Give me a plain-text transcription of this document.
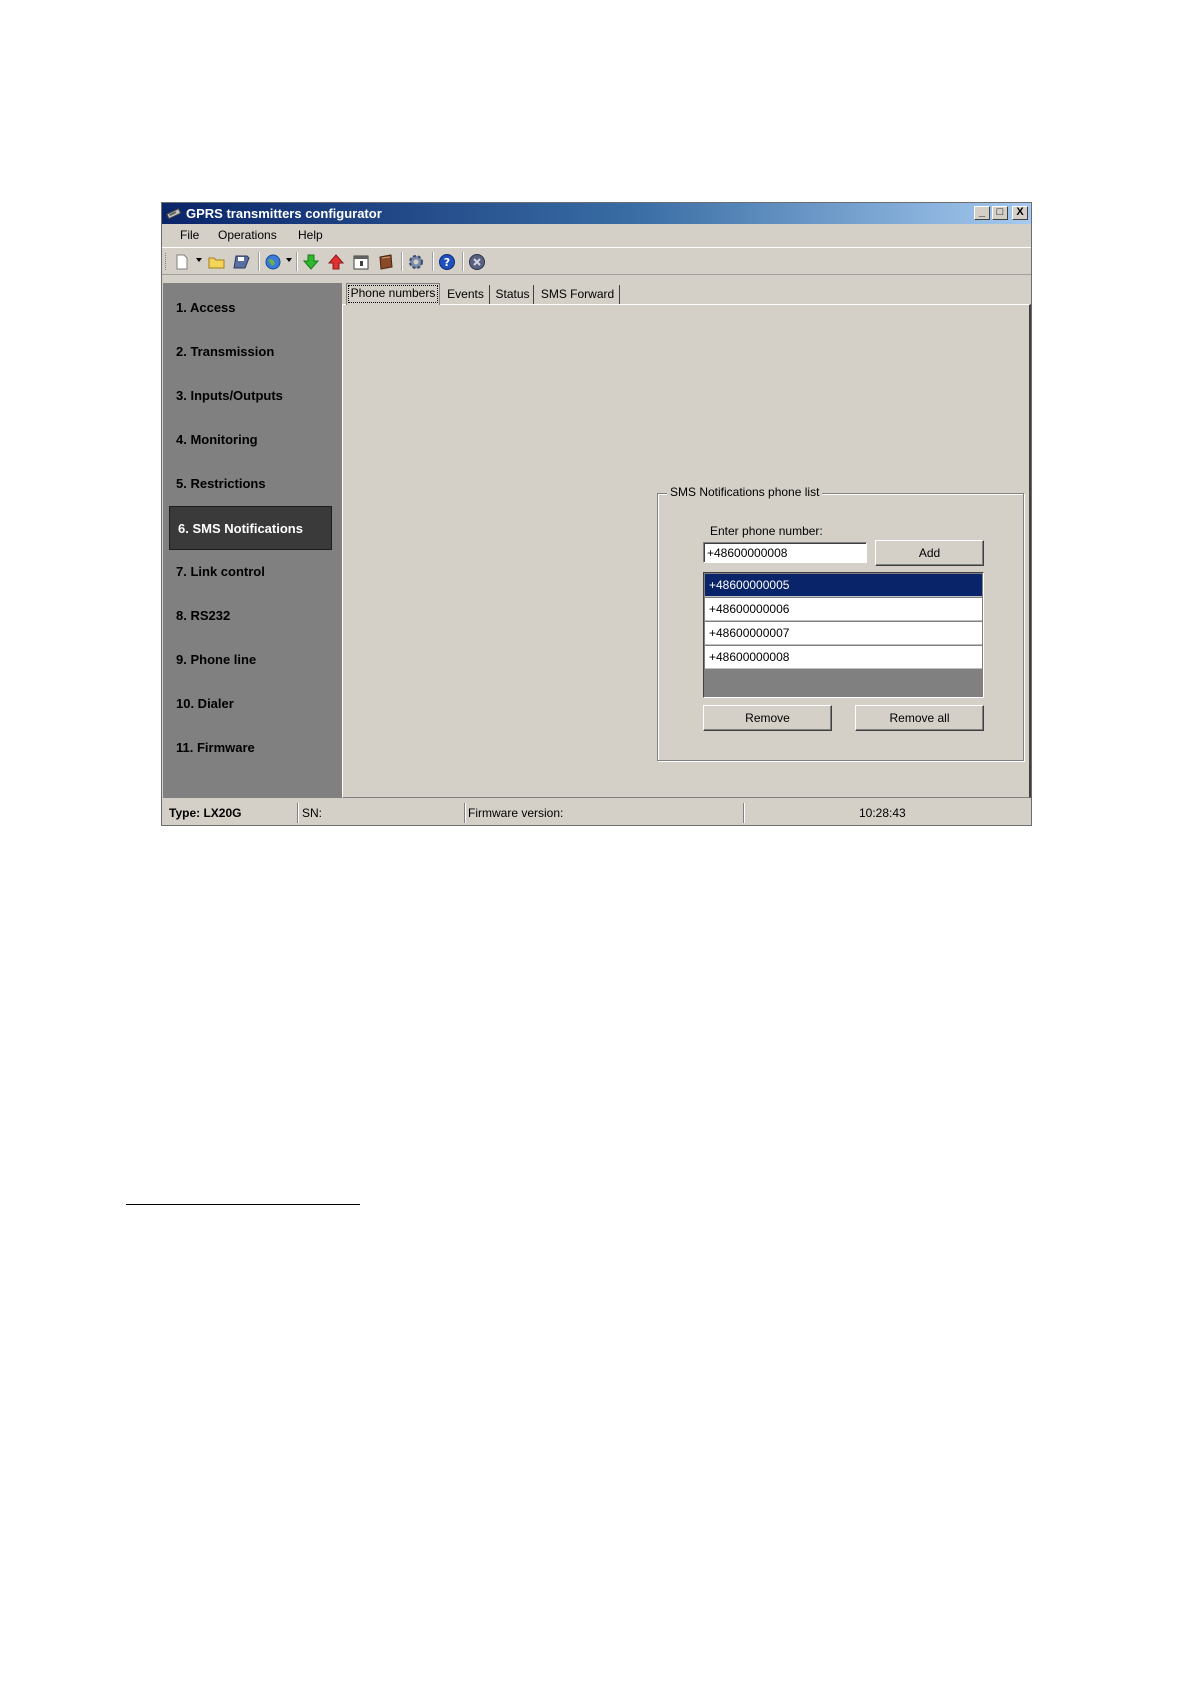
GPRS transmitters configurator	_	□	X
File Operations Help
?
1. Access
2. Transmission
3. Inputs/Outputs
4. Monitoring
5. Restrictions
6. SMS Notifications
7. Link control
8. RS232
9. Phone line
10. Dialer
11. Firmware
Phone numbers Events Status SMS Forward
SMS Notifications phone list
Enter phone number:
+48600000008
Add
+48600000005
+48600000006
+48600000007
+48600000008
Remove	Remove all
Type: LX20G	SN:	Firmware version:	10:28:43
